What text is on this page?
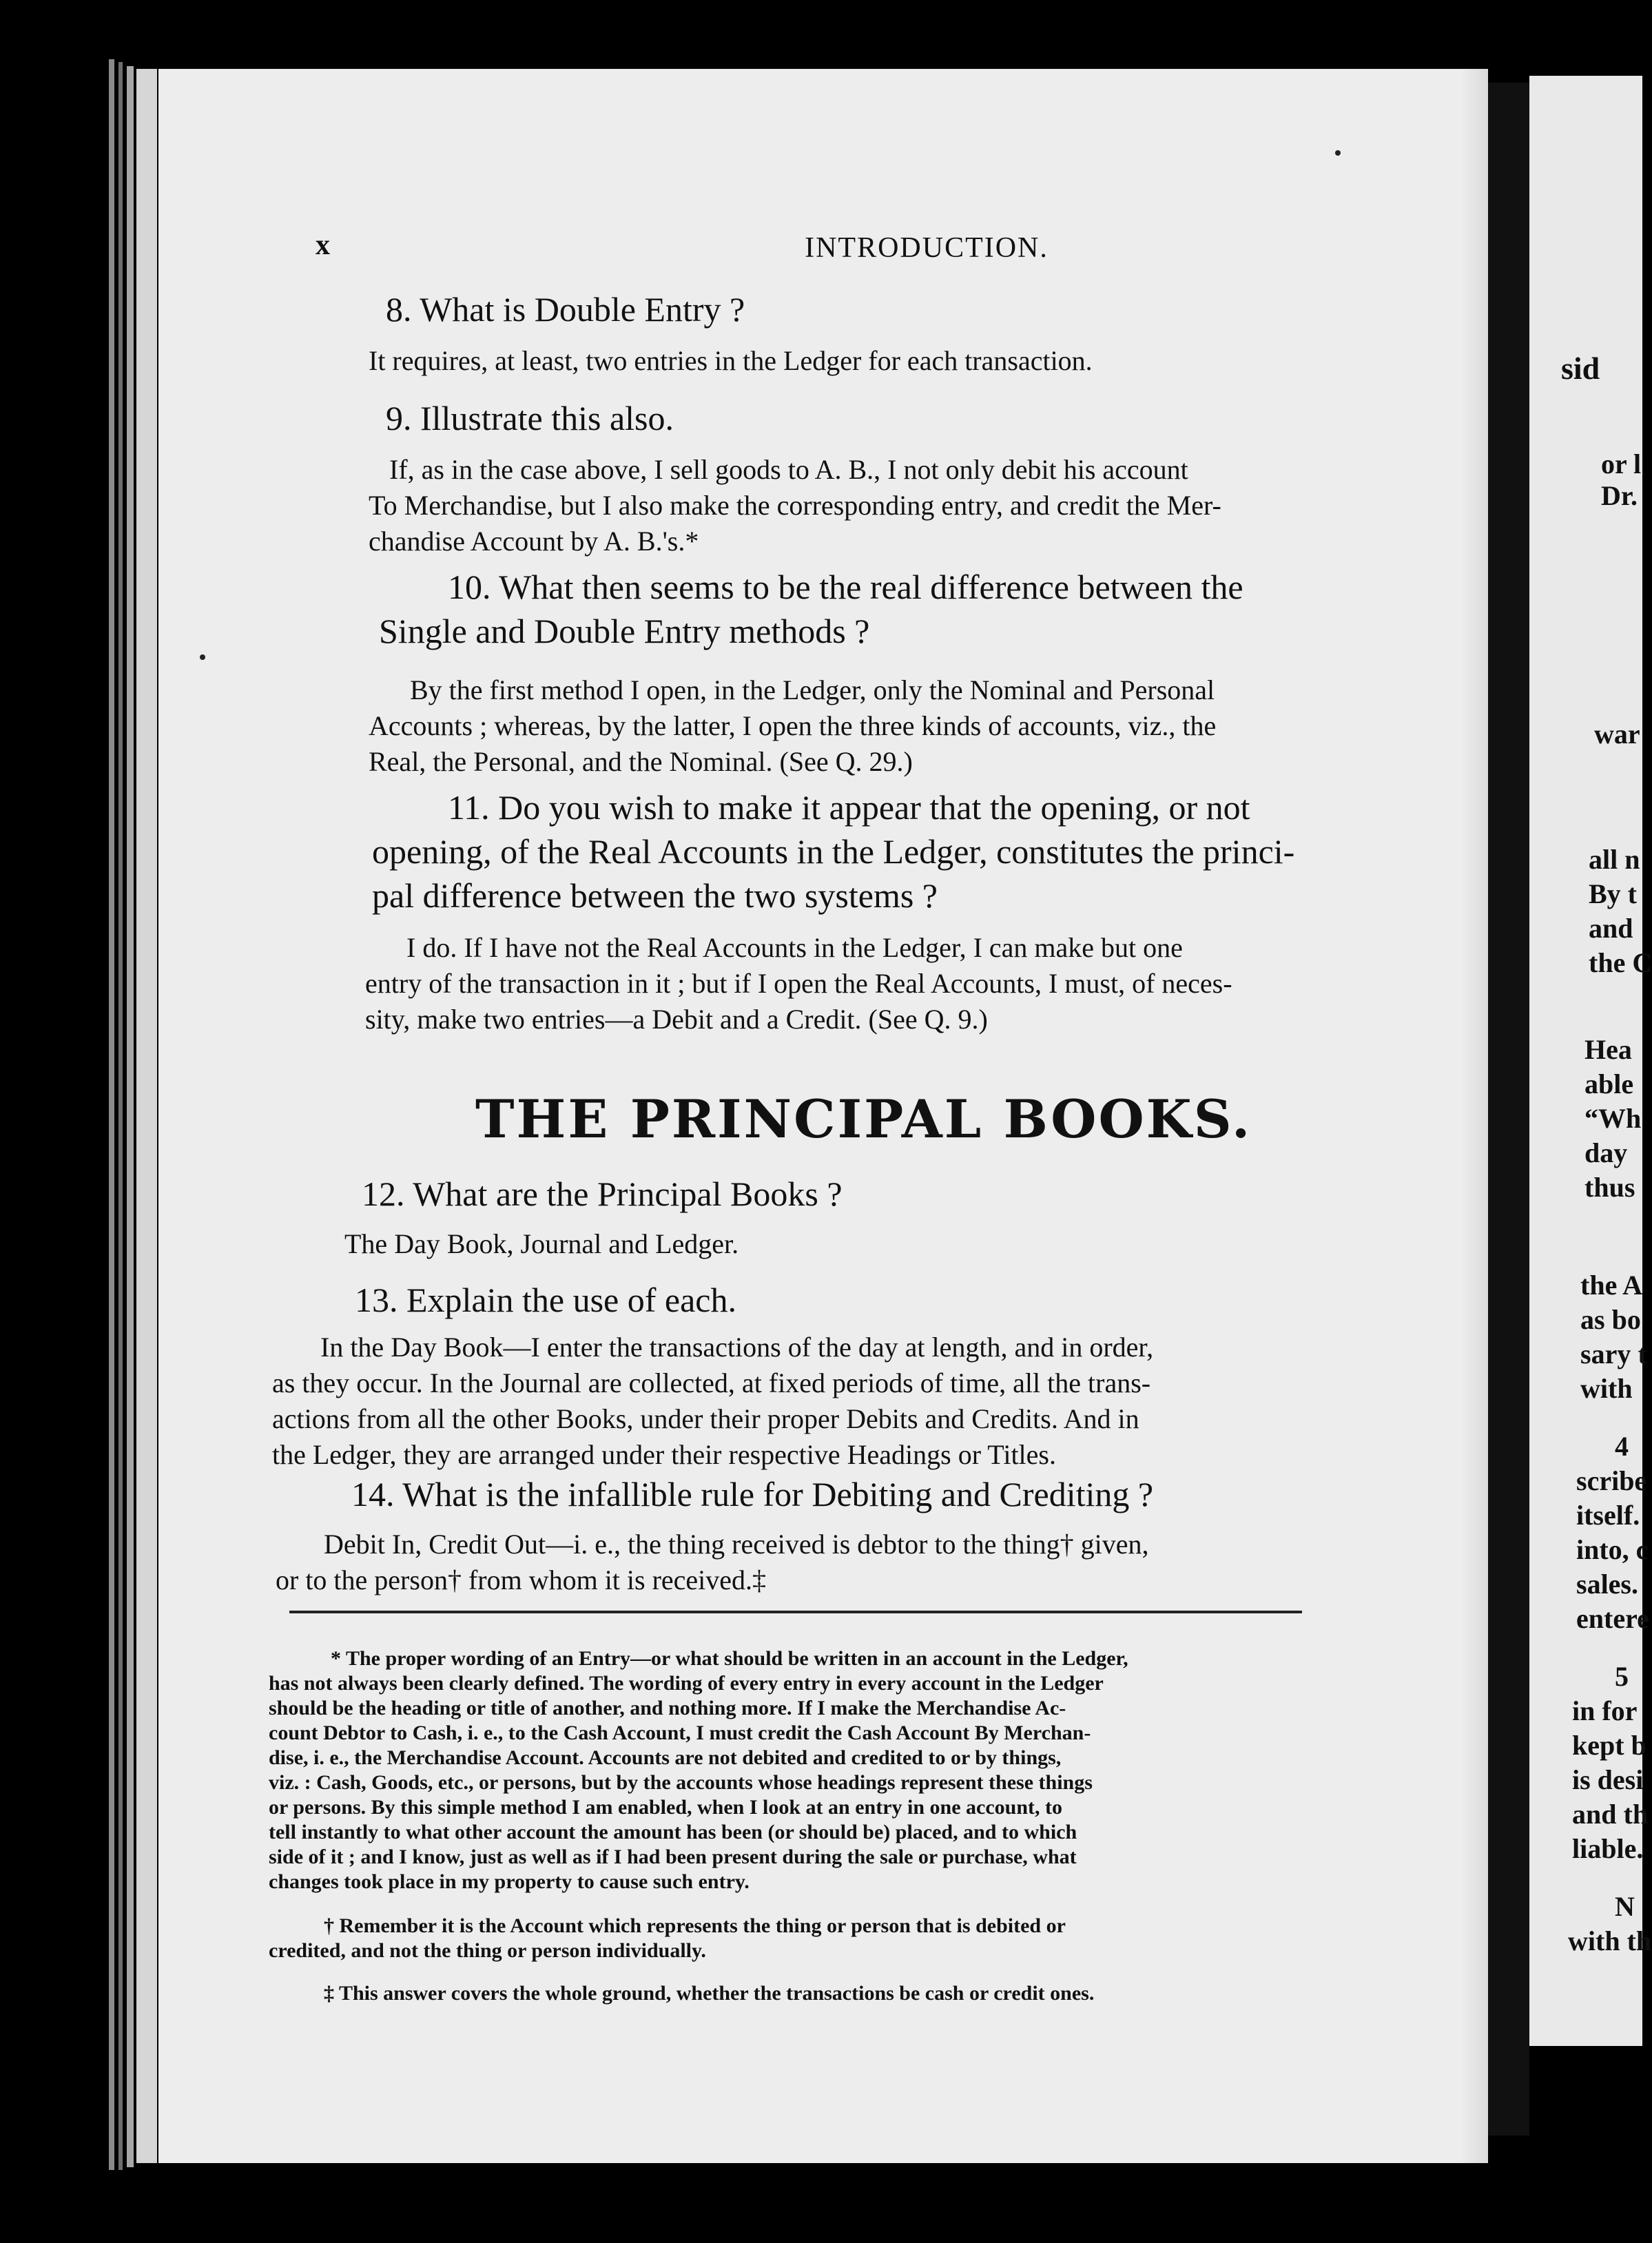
x	INTRODUCTION.
8. What is Double Entry ?
It requires, at least, two entries in the Ledger for each transaction.
9. Illustrate this also.
If, as in the case above, I sell goods to A. B., I not only debit his account
To Merchandise, but I also make the corresponding entry, and credit the Mer-
chandise Account by A. B.'s.*
10. What then seems to be the real difference between the
Single and Double Entry methods ?
By the first method I open, in the Ledger, only the Nominal and Personal
Accounts ; whereas, by the latter, I open the three kinds of accounts, viz., the
Real, the Personal, and the Nominal. (See Q. 29.)
11. Do you wish to make it appear that the opening, or not
opening, of the Real Accounts in the Ledger, constitutes the princi-
pal difference between the two systems ?
I do. If I have not the Real Accounts in the Ledger, I can make but one
entry of the transaction in it ; but if I open the Real Accounts, I must, of neces-
sity, make two entries—a Debit and a Credit. (See Q. 9.)
THE PRINCIPAL BOOKS.
12. What are the Principal Books ?
The Day Book, Journal and Ledger.
13. Explain the use of each.
In the Day Book—I enter the transactions of the day at length, and in order,
as they occur. In the Journal are collected, at fixed periods of time, all the trans-
actions from all the other Books, under their proper Debits and Credits. And in
the Ledger, they are arranged under their respective Headings or Titles.
14. What is the infallible rule for Debiting and Crediting ?
Debit In, Credit Out—i. e., the thing received is debtor to the thing† given,
or to the person† from whom it is received.‡
* The proper wording of an Entry—or what should be written in an account in the Ledger,
has not always been clearly defined. The wording of every entry in every account in the Ledger
should be the heading or title of another, and nothing more. If I make the Merchandise Ac-
count Debtor to Cash, i. e., to the Cash Account, I must credit the Cash Account By Merchan-
dise, i. e., the Merchandise Account. Accounts are not debited and credited to or by things,
viz. : Cash, Goods, etc., or persons, but by the accounts whose headings represent these things
or persons. By this simple method I am enabled, when I look at an entry in one account, to
tell instantly to what other account the amount has been (or should be) placed, and to which
side of it ; and I know, just as well as if I had been present during the sale or purchase, what
changes took place in my property to cause such entry.
† Remember it is the Account which represents the thing or person that is debited or
credited, and not the thing or person individually.
‡ This answer covers the whole ground, whether the transactions be cash or credit ones.
sid
or l
Dr.
war
all n
By t
and
the C
Hea
able
“Wh
day
thus
the A
as bo
sary t
with
4
scribe
itself.
into, c
sales.
entere
5
in for
kept b
is desi
and th
liable.
N
with th
